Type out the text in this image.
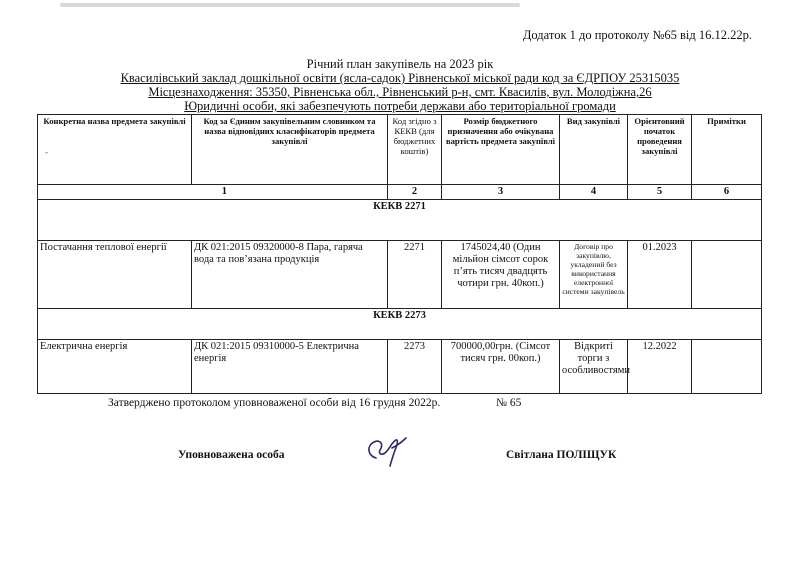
Додаток 1 до протоколу №65 від 16.12.22р.
Річний план закупівель на 2023 рік
Квасилівський заклад дошкільної освіти (ясла-садок) Рівненської міської ради код за ЄДРПОУ 25315035
Місцезнаходження: 35350, Рівненська обл., Рівненський р-н, смт. Квасилів, вул. Молодіжна,26
Юридичні особи, які забезпечують потреби держави або територіальної громади
-
Конкретна назва предмета закупівлі	Код за Єдиним закупівельним словником та назва відповідних класифікаторів предмета закупівлі	Код згідно з КЕКВ (для бюджетних коштів)	Розмір бюджетного призначення або очікувана вартість предмета закупівлі	Вид закупівлі	Орієнтовний початок проведення закупівлі	Примітки
1		2	3	4	5	6
КЕКВ 2271						
Постачання теплової енергії	ДК 021:2015 09320000-8 Пара, гаряча вода та пов’язана продукція	2271	1745024,40 (Один мільйон сімсот сорок п’ять тисяч двадцять чотири грн. 40коп.)	Договір про закупівлю, укладений без використання електронної системи закупівель	01.2023	
КЕКВ 2273						
Електрична енергія	ДК 021:2015 09310000-5 Електрична енергія	2273	700000,00грн. (Сімсот тисяч грн. 00коп.)	Відкриті торги з особливостями	12.2022	
Затверджено протоколом уповноваженої особи від 16 грудня 2022р.	№ 65
Уповноважена особа	Світлана ПОЛІЩУК
